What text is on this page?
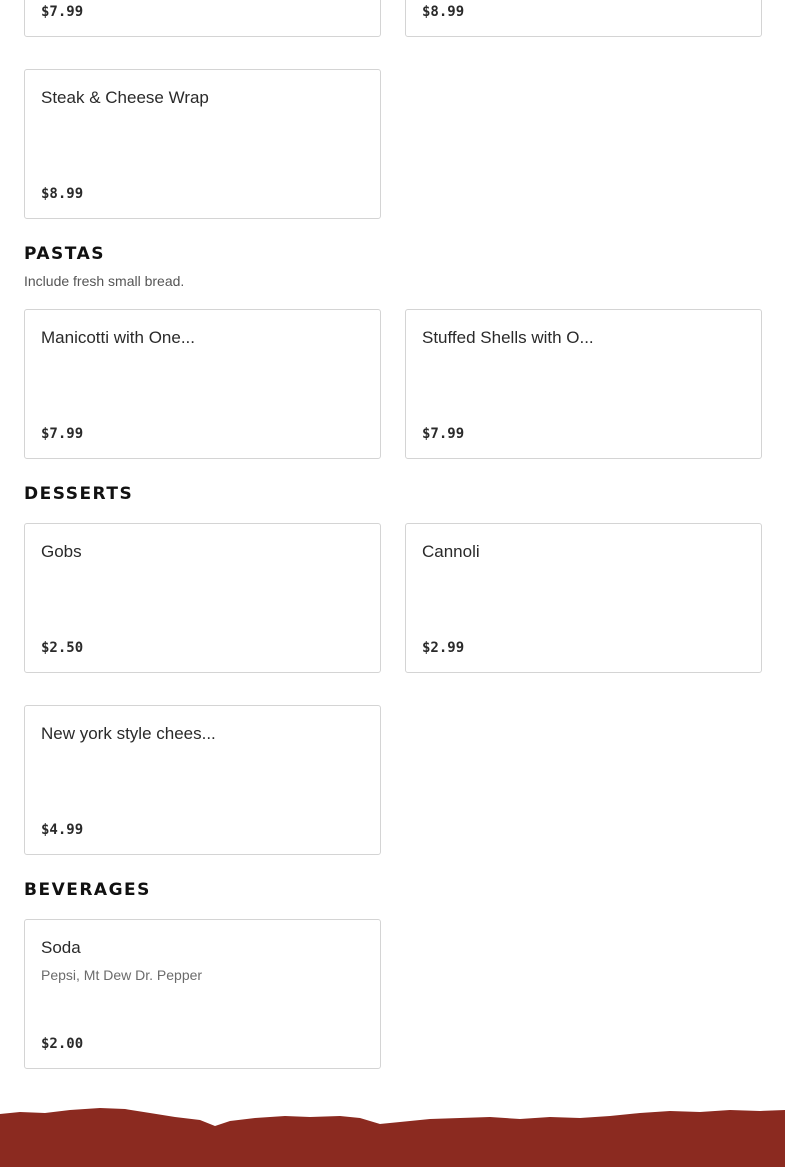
$7.99	$8.99
Steak & Cheese Wrap
$8.99
PASTAS
Include fresh small bread.
Manicotti with One...
$7.99
Stuffed Shells with O...
$7.99
DESSERTS
Gobs
$2.50
Cannoli
$2.99
New york style chees...
$4.99
BEVERAGES
Soda
Pepsi, Mt Dew Dr. Pepper
$2.00
